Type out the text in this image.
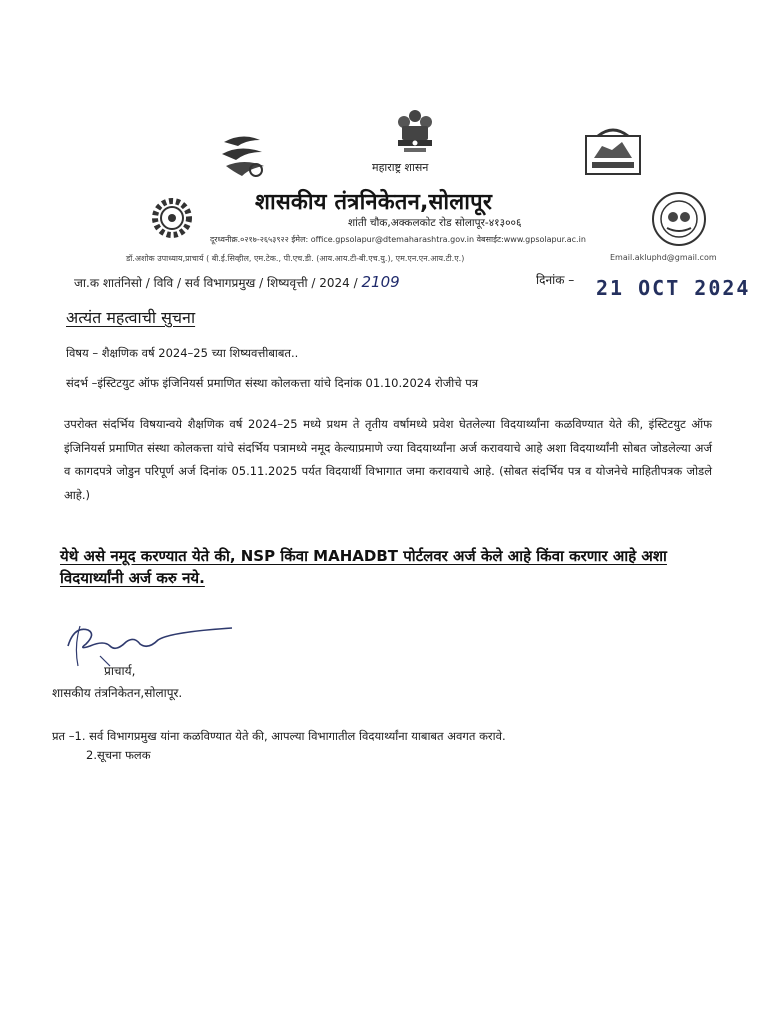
महाराष्ट्र शासन
शासकीय तंत्रनिकेतन,सोलापूर
शांती चौक,अक्कलकोट रोड सोलापूर-४१३००६
दूरध्वनीक्र.०२१७-२६५३९२२ ईमेल: office.gpsolapur@dtemaharashtra.gov.in वेबसाईट:www.gpsolapur.ac.in
डॉ.अशोक उपाध्याय,प्राचार्य ( बी.ई.सिव्हील, एम.टेक., पी.एच.डी. (आय.आय.टी-बी.एच.यु.), एम.एन.एन.आय.टी.ए.)	Email.akluphd@gmail.com
जा.क शातंनिसो / विवि / सर्व विभागप्रमुख / शिष्यवृत्ती / 2024 / 2109	दिनांक – 21 OCT 2024
अत्यंत महत्वाची सुचना
विषय – शैक्षणिक वर्ष 2024–25 च्या शिष्यवत्तीबाबत..
संदर्भ –इंस्टिटयुट ऑफ इंजिनियर्स प्रमाणित संस्था कोलकत्ता यांचे दिनांक 01.10.2024 रोजीचे पत्र
उपरोक्त संदर्भिय विषयान्वये शैक्षणिक वर्ष 2024–25 मध्ये प्रथम ते तृतीय वर्षामध्ये प्रवेश घेतलेल्या विदयार्थ्यांना कळविण्यात येते की, इंस्टिटयुट ऑफ इंजिनियर्स प्रमाणित संस्था कोलकत्ता यांचे संदर्भिय पत्रामध्ये नमूद केल्याप्रमाणे ज्या विदयार्थ्यांना अर्ज करावयाचे आहे अशा विदयार्थ्यांनी सोबत जोडलेल्या अर्ज व कागदपत्रे जोडुन परिपूर्ण अर्ज दिनांक 05.11.2025 पर्यत विदयार्थी विभागात जमा करावयाचे आहे. (सोबत संदर्भिय पत्र व योजनेचे माहितीपत्रक जोडले आहे.)
येथे असे नमूद करण्यात येते की, NSP किंवा MAHADBT पोर्टलवर अर्ज केले आहे किंवा करणार आहे अशा विदयार्थ्यांनी अर्ज करु नये.
प्राचार्य,
शासकीय तंत्रनिकेतन,सोलापूर.
प्रत –1. सर्व विभागप्रमुख यांना कळविण्यात येते की, आपल्या विभागातील विदयार्थ्यांना याबाबत अवगत करावे.
2.सूचना फलक
